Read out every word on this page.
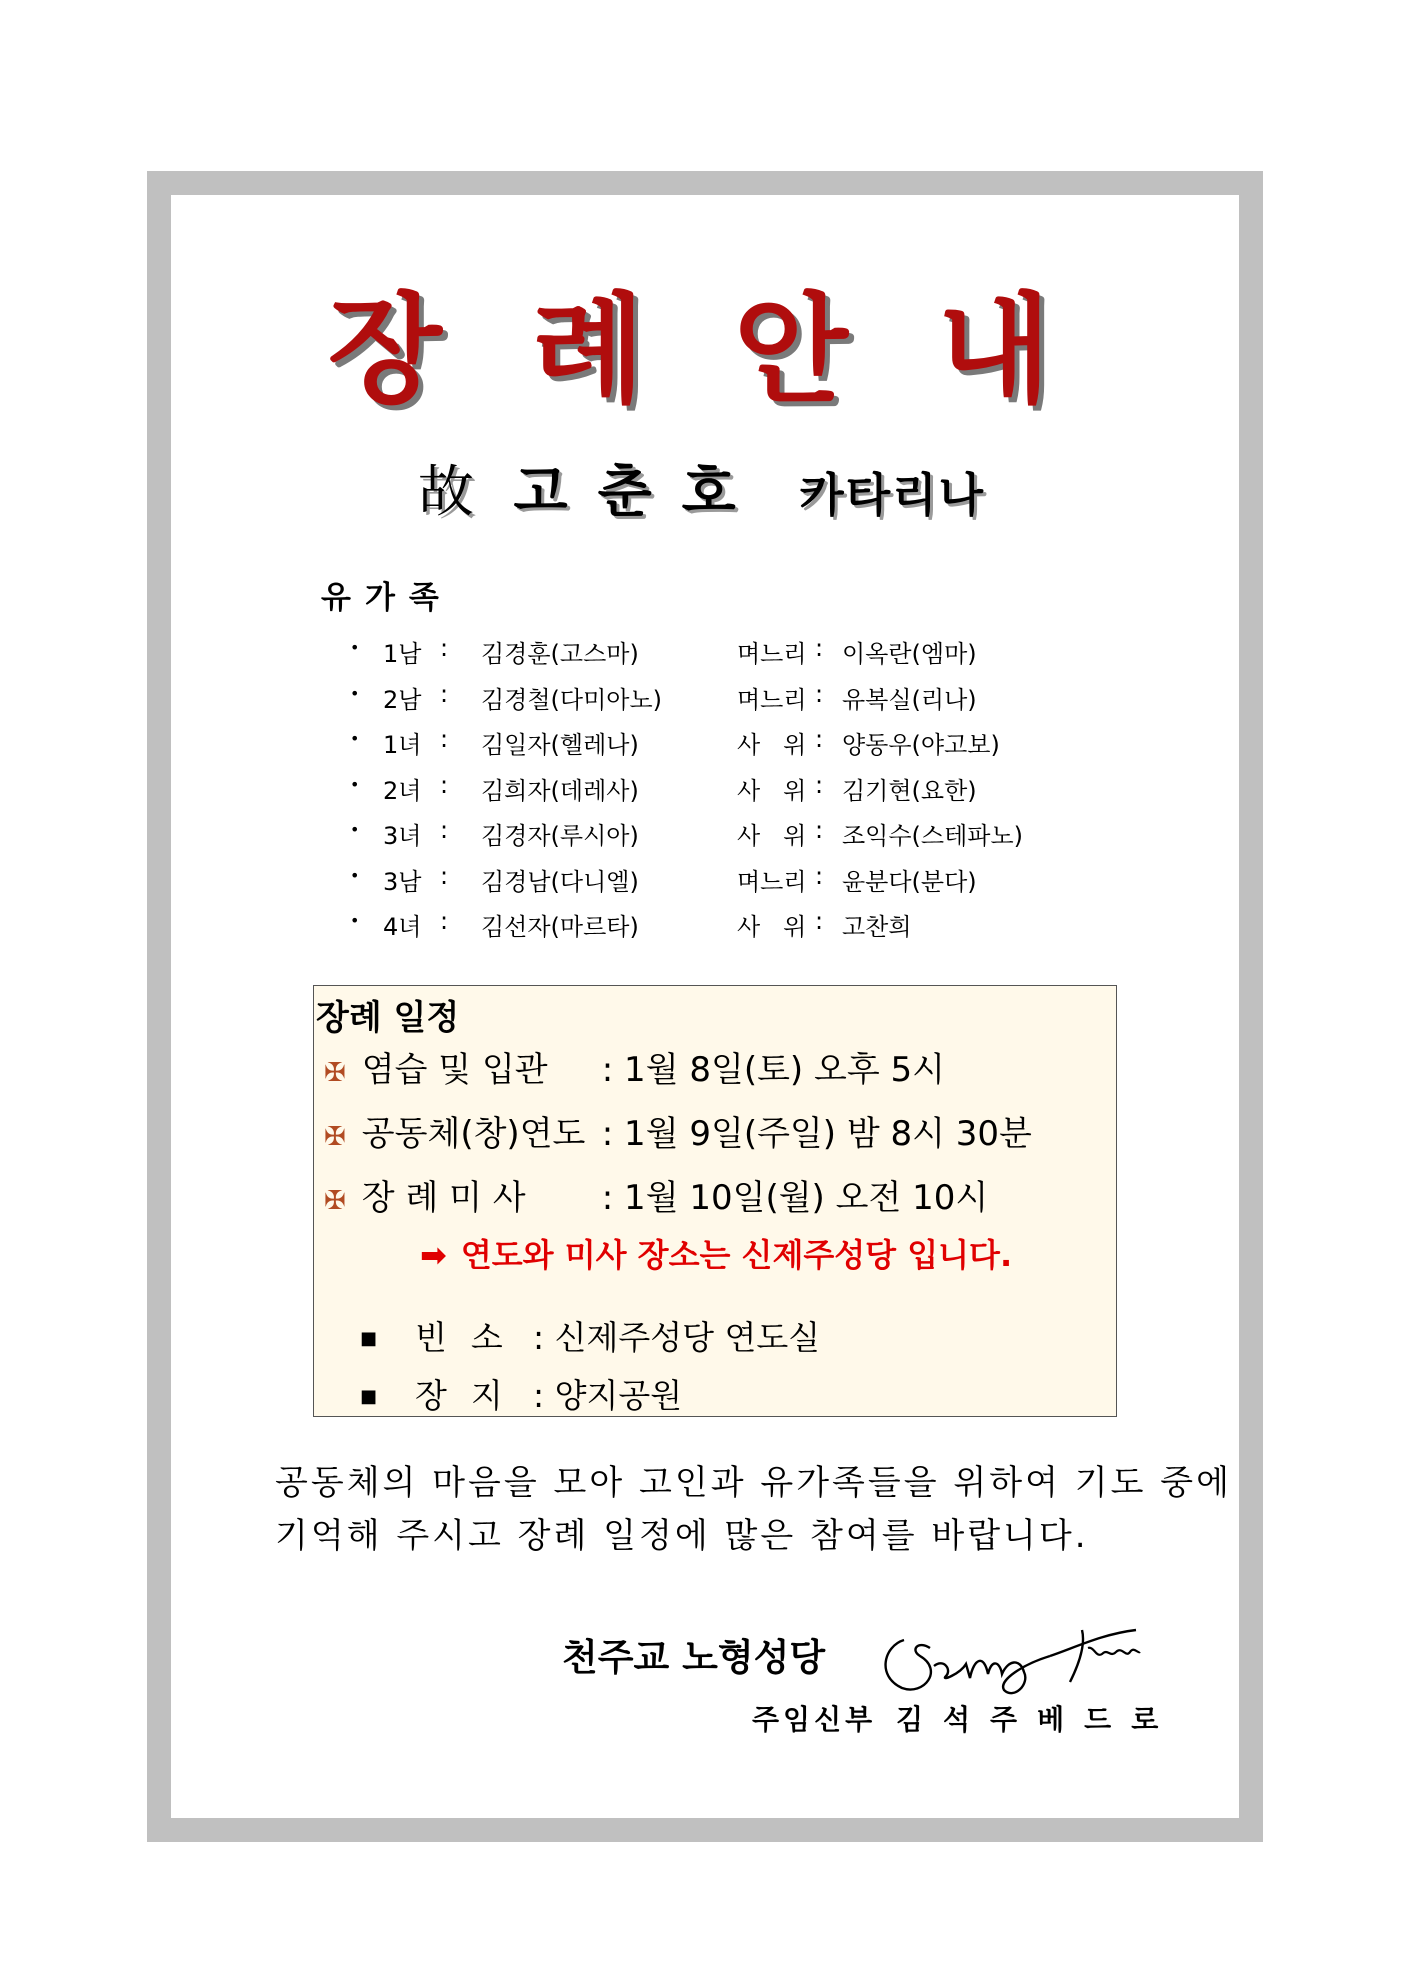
장 례 안 내
故 고춘호 카타리나
유가족
• 1남 : 김경훈(고스마)	며느리 : 이옥란(엠마)
• 2남 : 김경철(다미아노)	며느리 : 유복실(리나)
• 1녀 : 김일자(헬레나)	사   위 : 양동우(야고보)
• 2녀 : 김희자(데레사)	사   위 : 김기현(요한)
• 3녀 : 김경자(루시아)	사   위 : 조익수(스테파노)
• 3남 : 김경남(다니엘)	며느리 : 윤분다(분다)
• 4녀 : 김선자(마르타)	사   위 : 고찬희
장례 일정
✠ 염습 및 입관 : 1월 8일(토) 오후 5시
✠ 공동체(창)연도 : 1월 9일(주일) 밤 8시 30분
✠ 장 례 미 사 : 1월 10일(월) 오전 10시
➡ 연도와 미사 장소는 신제주성당 입니다.
■ 빈소 : 신제주성당 연도실
■ 장지 : 양지공원
공동체의 마음을 모아 고인과 유가족들을 위하여 기도 중에
기억해 주시고 장례 일정에 많은 참여를 바랍니다.
천주교 노형성당
주임신부 김석주베드로
